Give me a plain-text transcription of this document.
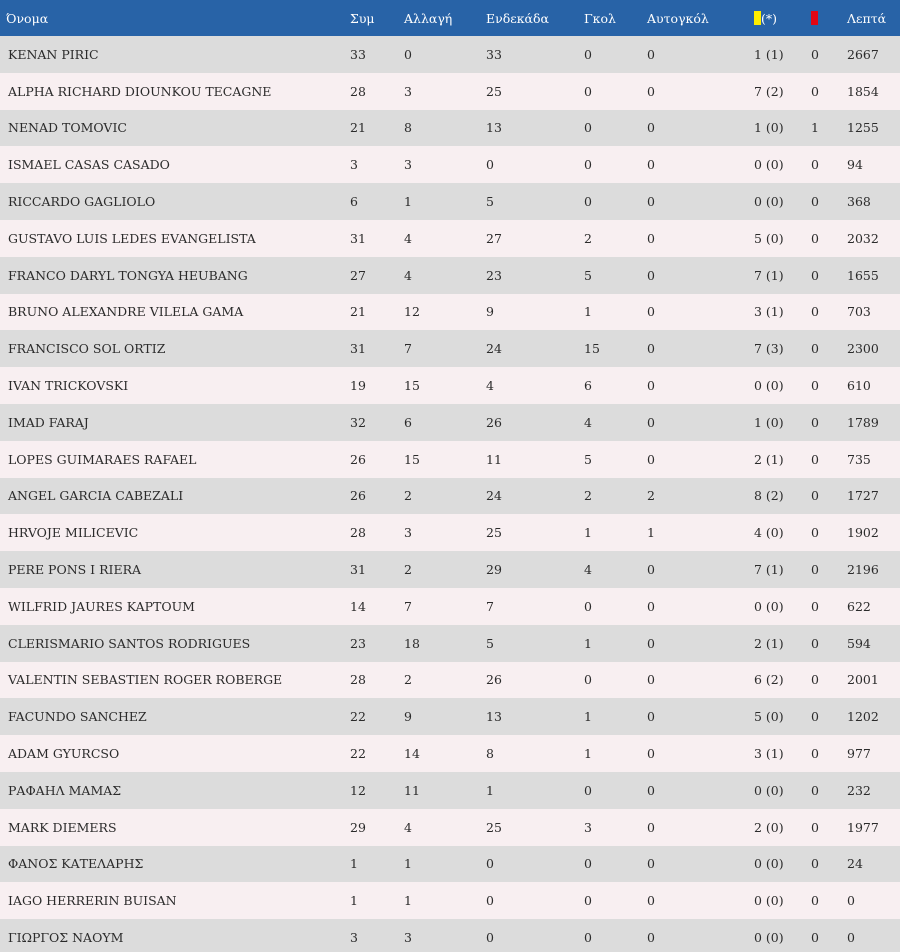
Όνομα	Συμ	Αλλαγή	Ενδεκάδα	Γκολ	Αυτογκόλ	(*)		Λεπτά
KENAN PIRIC	33	0	33	0	0	1 (1)	0	2667
ALPHA RICHARD DIOUNKOU TECAGNE	28	3	25	0	0	7 (2)	0	1854
NENAD TOMOVIC	21	8	13	0	0	1 (0)	1	1255
ISMAEL CASAS CASADO	3	3	0	0	0	0 (0)	0	94
RICCARDO GAGLIOLO	6	1	5	0	0	0 (0)	0	368
GUSTAVO LUIS LEDES EVANGELISTA	31	4	27	2	0	5 (0)	0	2032
FRANCO DARYL TONGYA HEUBANG	27	4	23	5	0	7 (1)	0	1655
BRUNO ALEXANDRE VILELA GAMA	21	12	9	1	0	3 (1)	0	703
FRANCISCO SOL ORTIZ	31	7	24	15	0	7 (3)	0	2300
IVAN TRICKOVSKI	19	15	4	6	0	0 (0)	0	610
IMAD FARAJ	32	6	26	4	0	1 (0)	0	1789
LOPES GUIMARAES RAFAEL	26	15	11	5	0	2 (1)	0	735
ANGEL GARCIA CABEZALI	26	2	24	2	2	8 (2)	0	1727
HRVOJE MILICEVIC	28	3	25	1	1	4 (0)	0	1902
PERE PONS I RIERA	31	2	29	4	0	7 (1)	0	2196
WILFRID JAURES KAPTOUM	14	7	7	0	0	0 (0)	0	622
CLERISMARIO SANTOS RODRIGUES	23	18	5	1	0	2 (1)	0	594
VALENTIN SEBASTIEN ROGER ROBERGE	28	2	26	0	0	6 (2)	0	2001
FACUNDO SANCHEZ	22	9	13	1	0	5 (0)	0	1202
ADAM GYURCSO	22	14	8	1	0	3 (1)	0	977
ΡΑΦΑΗΛ ΜΑΜΑΣ	12	11	1	0	0	0 (0)	0	232
MARK DIEMERS	29	4	25	3	0	2 (0)	0	1977
ΦΑΝΟΣ ΚΑΤΕΛΑΡΗΣ	1	1	0	0	0	0 (0)	0	24
IAGO HERRERIN BUISAN	1	1	0	0	0	0 (0)	0	0
ΓΙΩΡΓΟΣ ΝΑΟΥΜ	3	3	0	0	0	0 (0)	0	0
